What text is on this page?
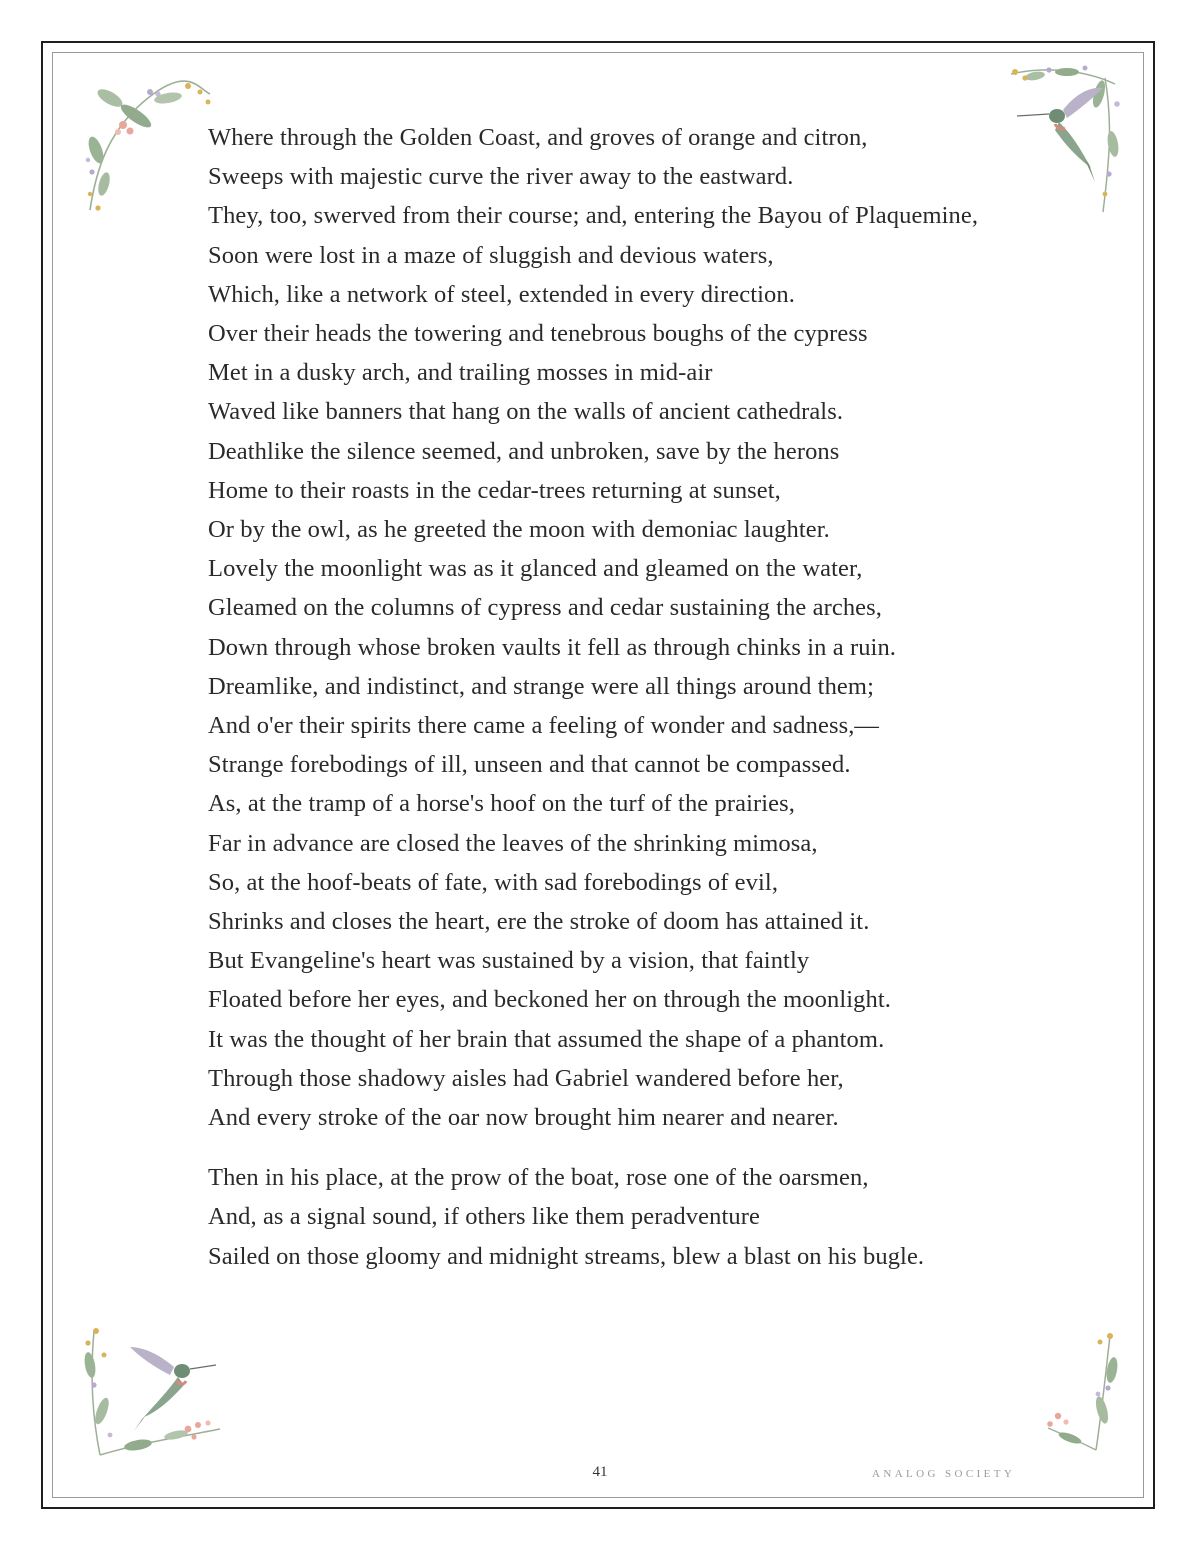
Where through the Golden Coast, and groves of orange and citron,
Sweeps with majestic curve the river away to the eastward.
They, too, swerved from their course; and, entering the Bayou of Plaquemine,
Soon were lost in a maze of sluggish and devious waters,
Which, like a network of steel, extended in every direction.
Over their heads the towering and tenebrous boughs of the cypress
Met in a dusky arch, and trailing mosses in mid-air
Waved like banners that hang on the walls of ancient cathedrals.
Deathlike the silence seemed, and unbroken, save by the herons
Home to their roasts in the cedar-trees returning at sunset,
Or by the owl, as he greeted the moon with demoniac laughter.
Lovely the moonlight was as it glanced and gleamed on the water,
Gleamed on the columns of cypress and cedar sustaining the arches,
Down through whose broken vaults it fell as through chinks in a ruin.
Dreamlike, and indistinct, and strange were all things around them;
And o'er their spirits there came a feeling of wonder and sadness,—
Strange forebodings of ill, unseen and that cannot be compassed.
As, at the tramp of a horse's hoof on the turf of the prairies,
Far in advance are closed the leaves of the shrinking mimosa,
So, at the hoof-beats of fate, with sad forebodings of evil,
Shrinks and closes the heart, ere the stroke of doom has attained it.
But Evangeline's heart was sustained by a vision, that faintly
Floated before her eyes, and beckoned her on through the moonlight.
It was the thought of her brain that assumed the shape of a phantom.
Through those shadowy aisles had Gabriel wandered before her,
And every stroke of the oar now brought him nearer and nearer.
Then in his place, at the prow of the boat, rose one of the oarsmen,
And, as a signal sound, if others like them peradventure
Sailed on those gloomy and midnight streams, blew a blast on his bugle.
41	ANALOG SOCIETY
